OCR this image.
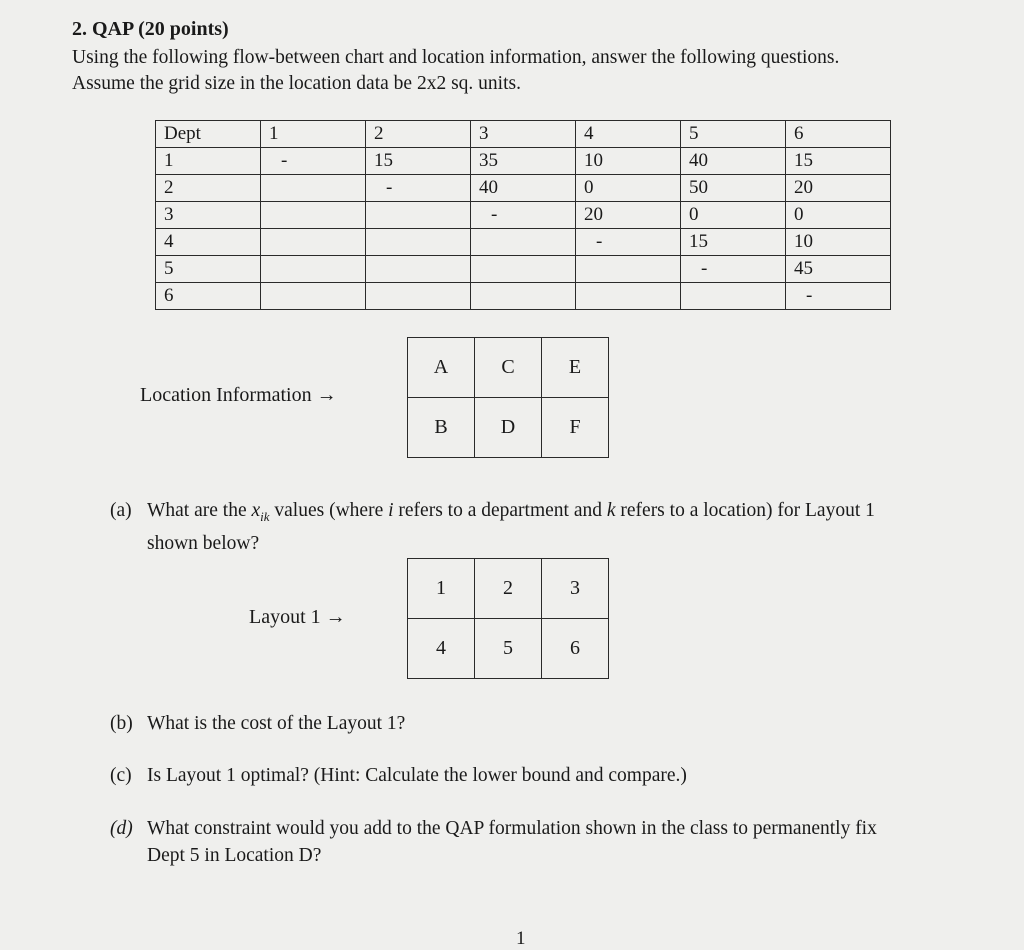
2. QAP (20 points)
Using the following flow-between chart and location information, answer the following questions.
Assume the grid size in the location data be 2x2 sq. units.
Dept	1	2	3	4	5	6
1	-	15	35	10	40	15
2		-	40	0	50	20
3			-	20	0	0
4				-	15	10
5					-	45
6						-
Location Information →
A	C	E
B	D	F
(a) What are the $x_{ik}$ values (where i refers to a department and k refers to a location) for Layout 1
shown below?
Layout 1 →
1	2	3
4	5	6
(b) What is the cost of the Layout 1?
(c) Is Layout 1 optimal? (Hint: Calculate the lower bound and compare.)
(d) What constraint would you add to the QAP formulation shown in the class to permanently fix
Dept 5 in Location D?
1
